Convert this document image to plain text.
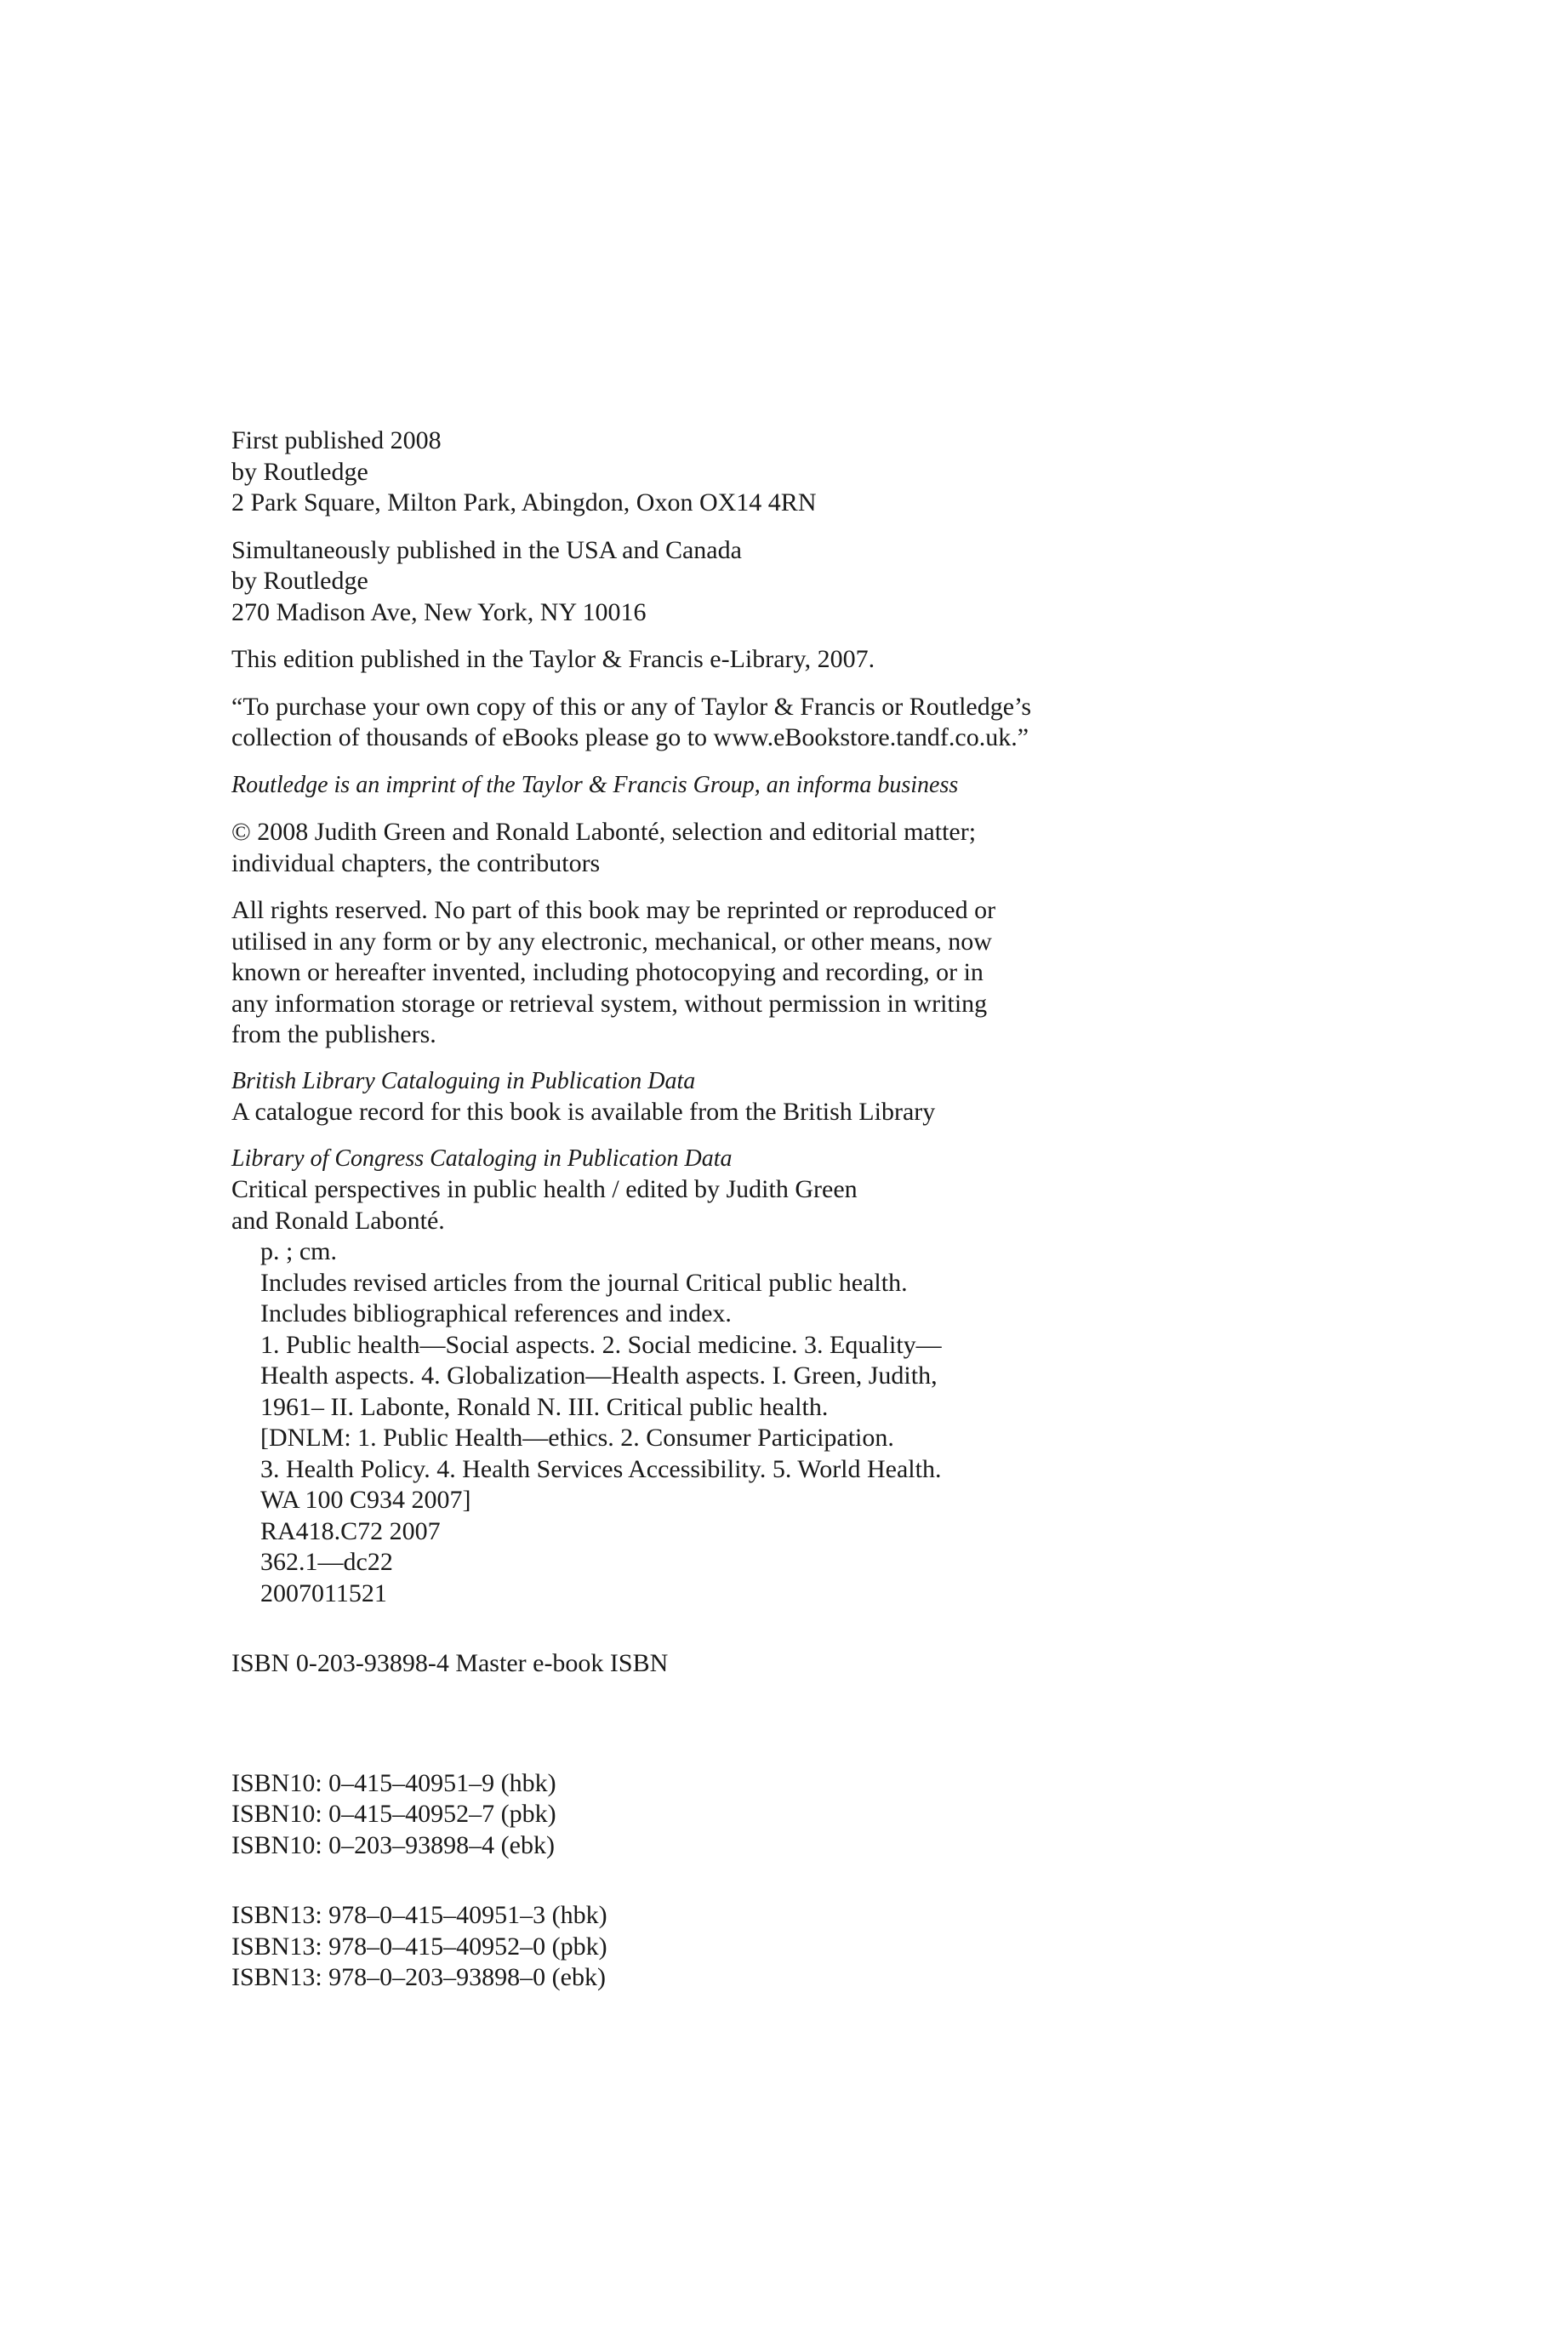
First published 2008
by Routledge
2 Park Square, Milton Park, Abingdon, Oxon OX14 4RN
Simultaneously published in the USA and Canada
by Routledge
270 Madison Ave, New York, NY 10016
This edition published in the Taylor & Francis e-Library, 2007.
“To purchase your own copy of this or any of Taylor & Francis or Routledge’s
collection of thousands of eBooks please go to www.eBookstore.tandf.co.uk.”
Routledge is an imprint of the Taylor & Francis Group, an informa business
© 2008 Judith Green and Ronald Labonté, selection and editorial matter;
individual chapters, the contributors
All rights reserved. No part of this book may be reprinted or reproduced or
utilised in any form or by any electronic, mechanical, or other means, now
known or hereafter invented, including photocopying and recording, or in
any information storage or retrieval system, without permission in writing
from the publishers.
British Library Cataloguing in Publication Data
A catalogue record for this book is available from the British Library
Library of Congress Cataloging in Publication Data
Critical perspectives in public health / edited by Judith Green
and Ronald Labonté.
p. ; cm.
Includes revised articles from the journal Critical public health.
Includes bibliographical references and index.
1. Public health—Social aspects. 2. Social medicine. 3. Equality—
Health aspects. 4. Globalization—Health aspects. I. Green, Judith,
1961– II. Labonte, Ronald N. III. Critical public health.
[DNLM: 1. Public Health—ethics. 2. Consumer Participation.
3. Health Policy. 4. Health Services Accessibility. 5. World Health.
WA 100 C934 2007]
RA418.C72 2007
362.1—dc22
2007011521
ISBN 0-203-93898-4 Master e-book ISBN
ISBN10: 0–415–40951–9 (hbk)
ISBN10: 0–415–40952–7 (pbk)
ISBN10: 0–203–93898–4 (ebk)
ISBN13: 978–0–415–40951–3 (hbk)
ISBN13: 978–0–415–40952–0 (pbk)
ISBN13: 978–0–203–93898–0 (ebk)
